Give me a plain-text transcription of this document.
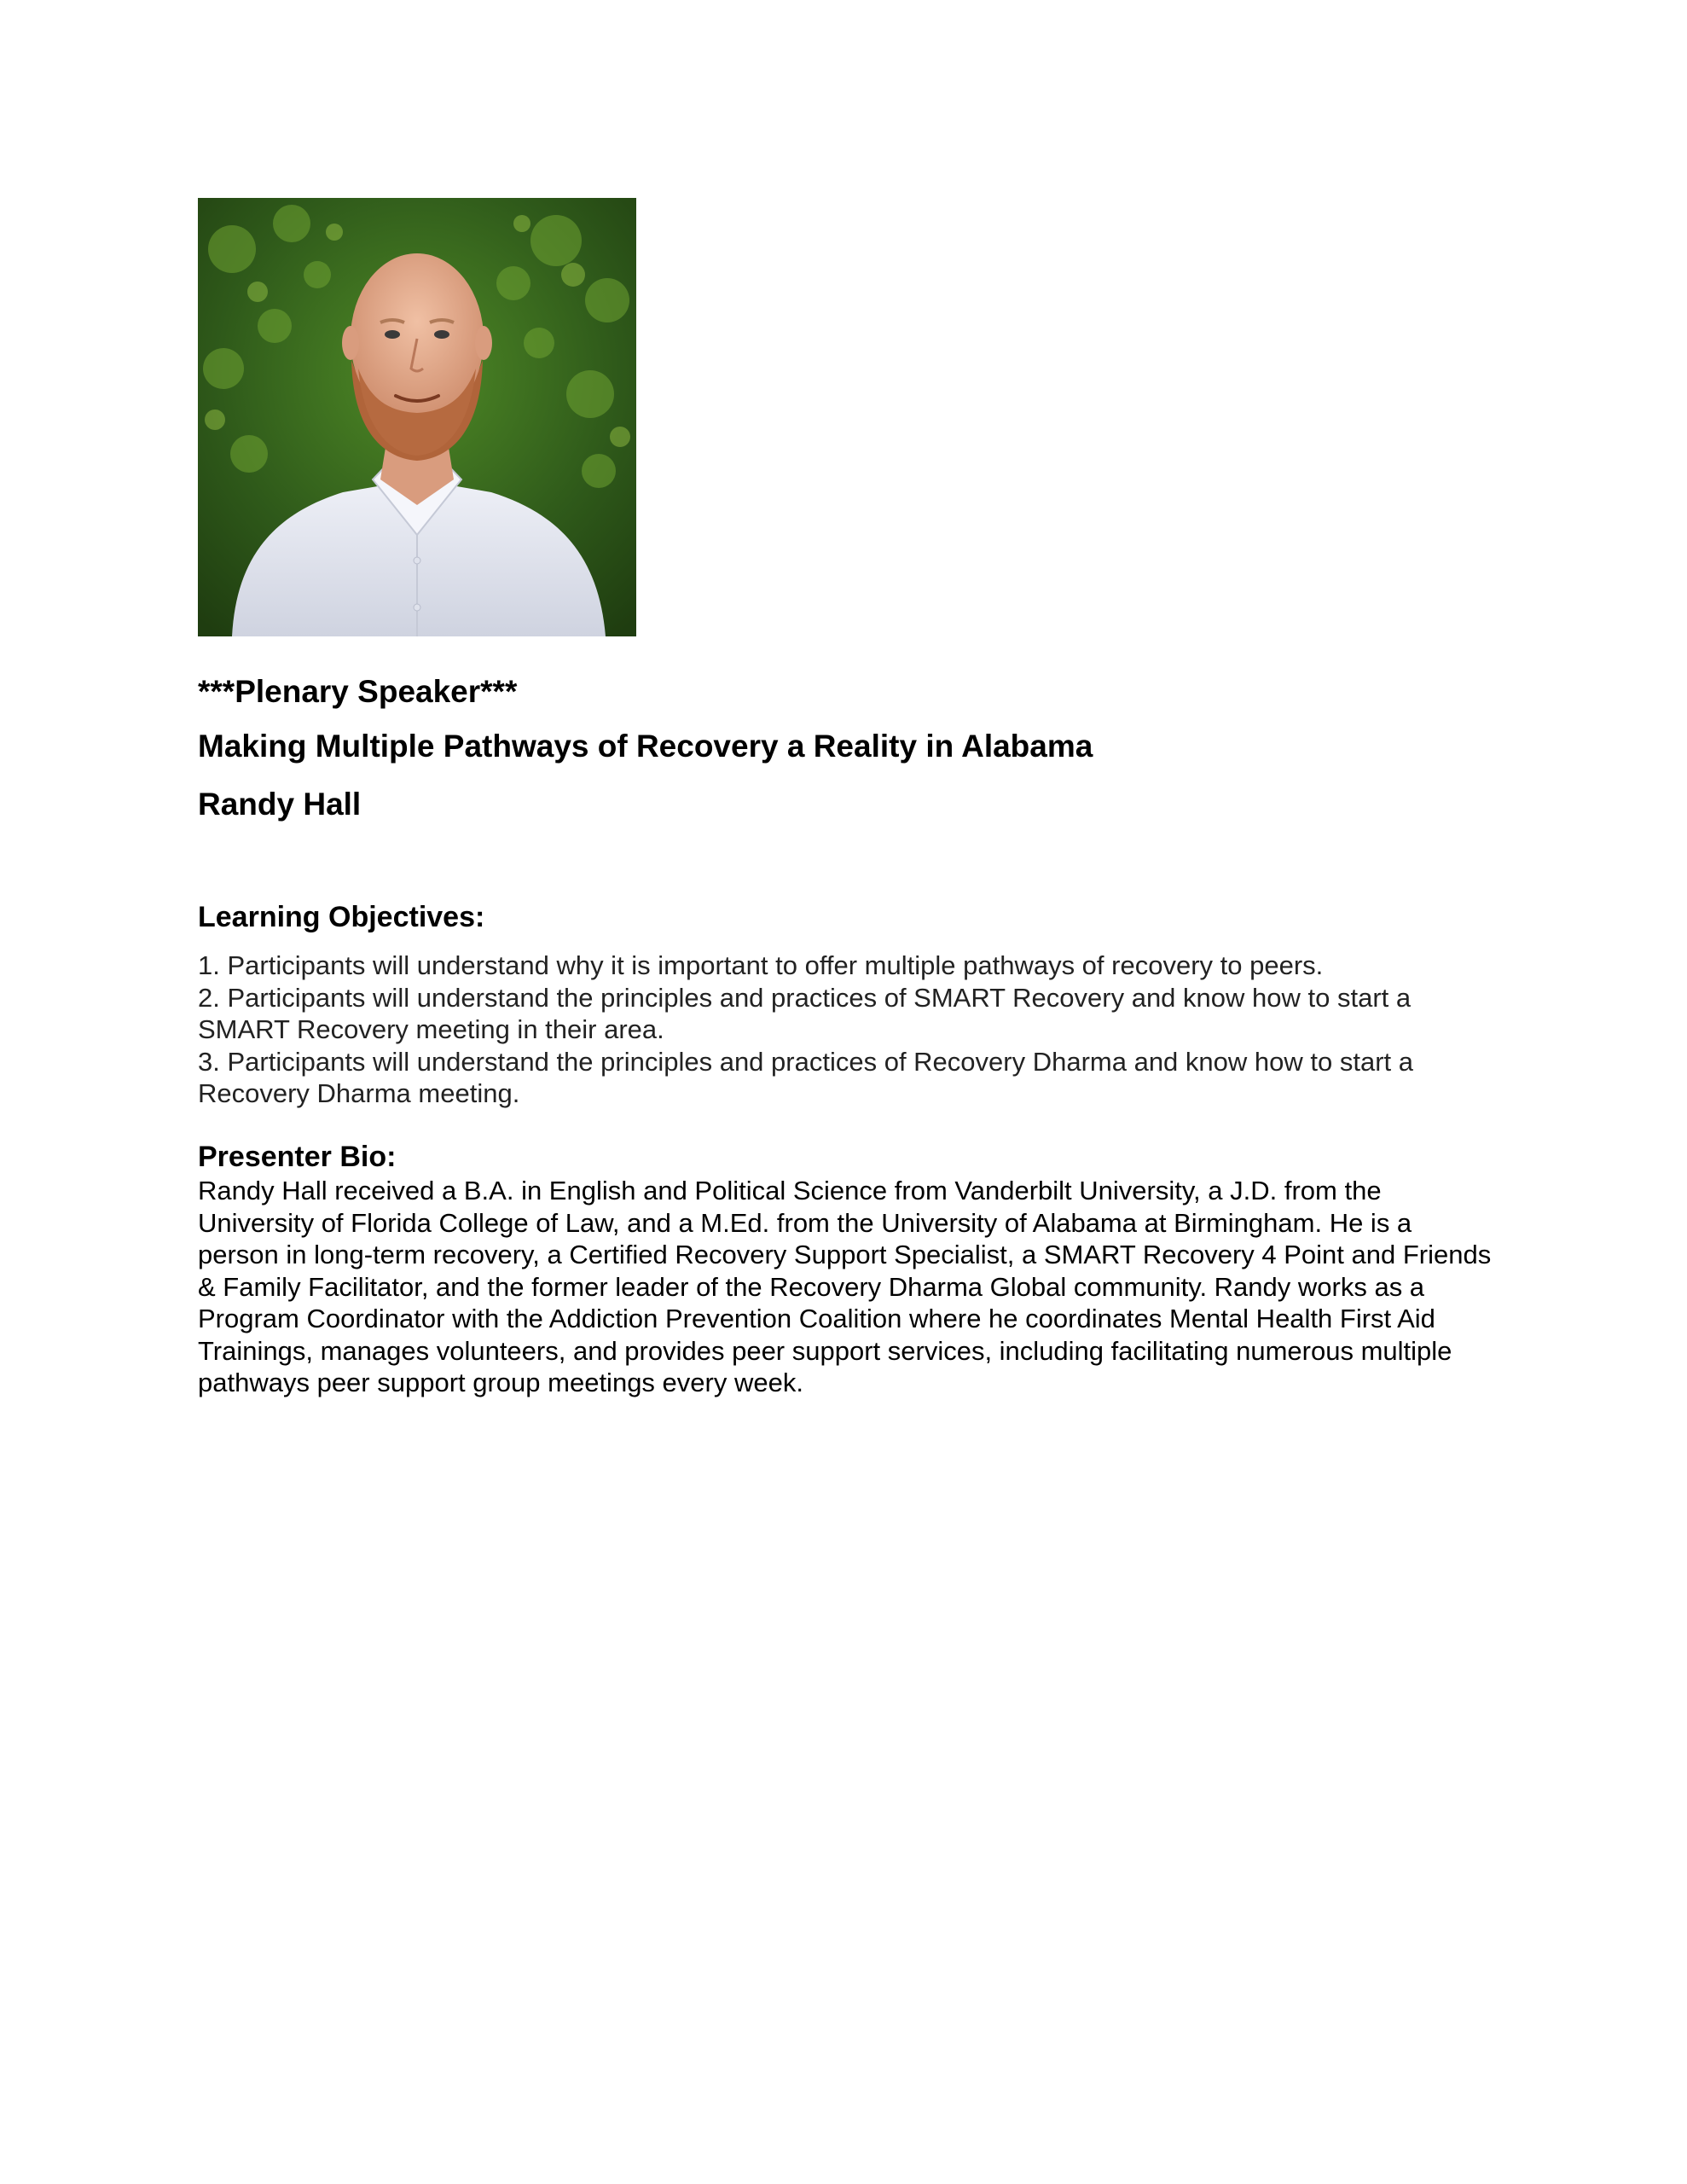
***Plenary Speaker***
Making Multiple Pathways of Recovery a Reality in Alabama
Randy Hall
Learning Objectives:
1. Participants will understand why it is important to offer multiple pathways of recovery to peers.
2. Participants will understand the principles and practices of SMART Recovery and know how to start a SMART Recovery meeting in their area.
3. Participants will understand the principles and practices of Recovery Dharma and know how to start a Recovery Dharma meeting.
Presenter Bio:

Randy Hall received a B.A. in English and Political Science from Vanderbilt University, a J.D. from the University of Florida College of Law, and a M.Ed. from the University of Alabama at Birmingham. He is a person in long-term recovery, a Certified Recovery Support Specialist, a SMART Recovery 4 Point and Friends & Family Facilitator, and the former leader of the Recovery Dharma Global community. Randy works as a Program Coordinator with the Addiction Prevention Coalition where he coordinates Mental Health First Aid Trainings, manages volunteers, and provides peer support services, including facilitating numerous multiple pathways peer support group meetings every week.
